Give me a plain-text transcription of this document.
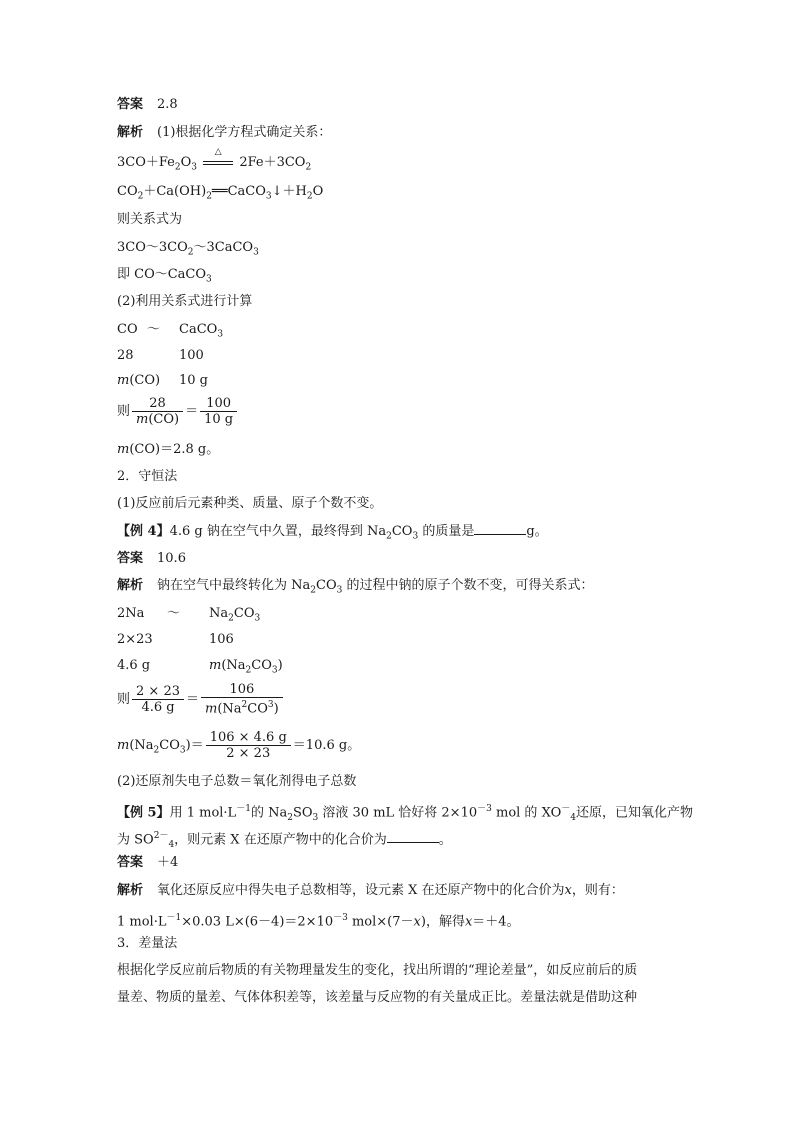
答案 2.8
解析 (1)根据化学方程式确定关系：
$3CO+Fe_2O_3$
△
$2Fe+3CO_2$
$CO_2+Ca(OH)_2══CaCO_3↓+H_2O$
则关系式为
$3CO\sim 3CO_2\sim 3CaCO_3$
即 CO～CaCO$_3$
(2)利用关系式进行计算
CO ～ CaCO$_3$
28	100
m(CO) 10 g
则 $\frac{28}{m(CO)} = \frac{100}{10 g}$
m(CO)＝2.8 g。
2．守恒法
(1)反应前后元素种类、质量、原子个数不变。
【例 4】4.6 g 钠在空气中久置，最终得到 $Na_2CO_3$ 的质量是	g。
答案 10.6
解析 钠在空气中最终转化为 $Na_2CO_3$ 的过程中钠的原子个数不变，可得关系式：
2Na ～ $Na_2CO_3$
2×23	106
4.6 g	$m(Na_2CO_3)$
则 $\frac{2 \times 23}{4.6 g} = \frac{106}{m(Na^2CO^3)}$
$m(Na_2CO_3)= \frac{106 \times 4.6 g}{2 \times 23} =10.6$ g。
(2)还原剂失电子总数＝氧化剂得电子总数
【例 5】用 1 $mol\cdot L^{-1}$的 $Na_2SO_3$ 溶液 30 mL 恰好将 $2\times 10^{-3}$ mol 的 $XO^-_4$还原，已知氧化产物
为 $SO^{2-}_4$，则元素 X 在还原产物中的化合价为	。
答案 ＋4
解析 氧化还原反应中得失电子总数相等，设元素 X 在还原产物中的化合价为x，则有：
1 $mol\cdot L^{-1}\times 0.03$ $L\times(6-4)=2\times 10^{-3}$ mol×(7－x)，解得x＝＋4。
3．差量法
根据化学反应前后物质的有关物理量发生的变化，找出所谓的“理论差量”，如反应前后的质
量差、物质的量差、气体体积差等，该差量与反应物的有关量成正比。差量法就是借助这种
